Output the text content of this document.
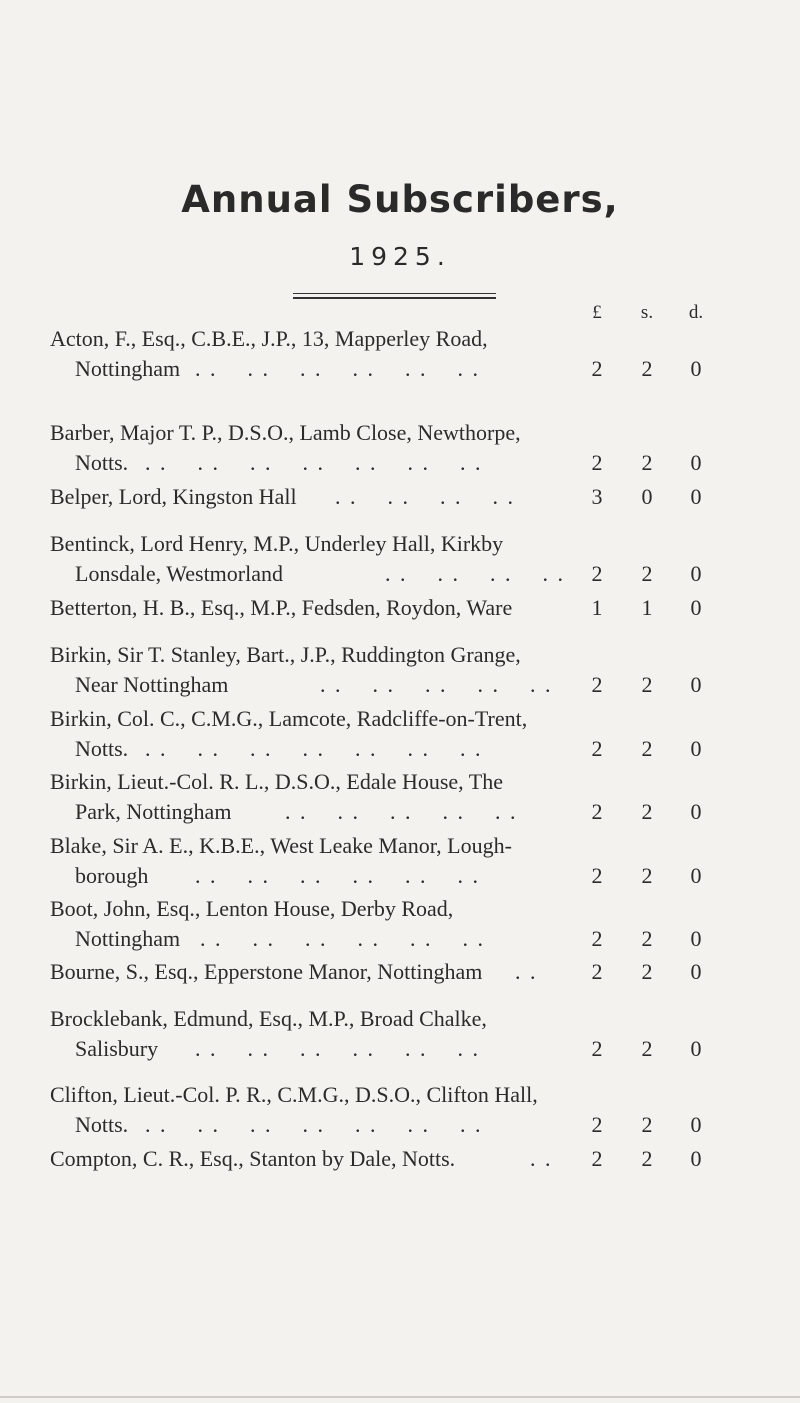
Annual Subscribers,
1925.
£	s.	d.
Acton, F., Esq., C.B.E., J.P., 13, Mapperley Road,
Nottingham . .    . .    . .    . .    . .    . .	2	2	0
Barber, Major T. P., D.S.O., Lamb Close, Newthorpe,
Notts. . .    . .    . .    . .    . .    . .    . .	2	2	0
Belper, Lord, Kingston Hall . .    . .    . .    . .	3	0	0
Bentinck, Lord Henry, M.P., Underley Hall, Kirkby
Lonsdale, Westmorland	. .    . .    . .    . .	2	2	0
Betterton, H. B., Esq., M.P., Fedsden, Roydon, Ware	1	1	0
Birkin, Sir T. Stanley, Bart., J.P., Ruddington Grange,
Near Nottingham	. .    . .    . .    . .    . .	2	2	0
Birkin, Col. C., C.M.G., Lamcote, Radcliffe-on-Trent,
Notts. . .    . .    . .    . .    . .    . .    . .	2	2	0
Birkin, Lieut.-Col. R. L., D.S.O., Edale House, The
Park, Nottingham . .    . .    . .    . .    . .	2	2	0
Blake, Sir A. E., K.B.E., West Leake Manor, Lough-
borough . .    . .    . .    . .    . .    . .	2	2	0
Boot, John, Esq., Lenton House, Derby Road,
Nottingham . .    . .    . .    . .    . .    . .	2	2	0
Bourne, S., Esq., Epperstone Manor, Nottingham . .	2	2	0
Brocklebank, Edmund, Esq., M.P., Broad Chalke,
Salisbury . .    . .    . .    . .    . .    . .	2	2	0
Clifton, Lieut.-Col. P. R., C.M.G., D.S.O., Clifton Hall,
Notts. . .    . .    . .    . .    . .    . .    . .	2	2	0
Compton, C. R., Esq., Stanton by Dale, Notts.	. .	2	2	0
